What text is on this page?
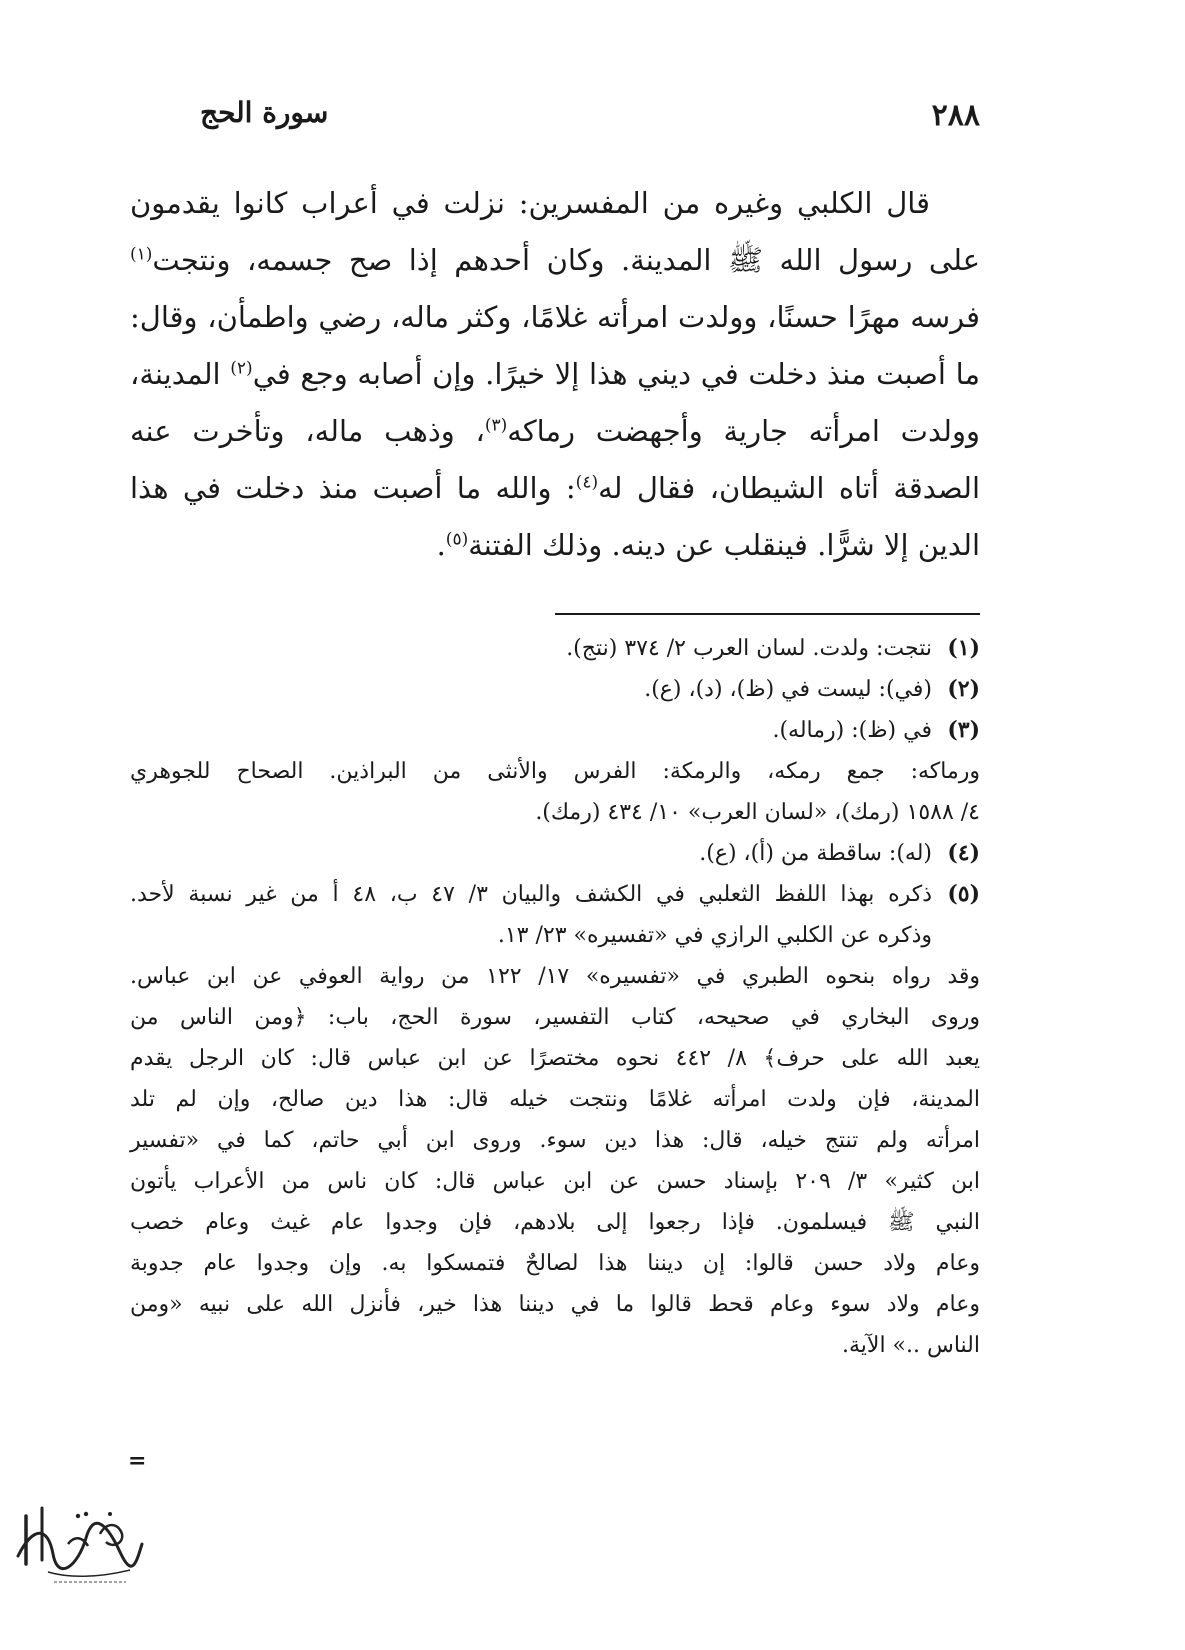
٢٨٨
سورة الحج

قال الكلبي وغيره من المفسرين: نزلت في أعراب كانوا يقدمون على رسول الله ﷺ المدينة. وكان أحدهم إذا صح جسمه، ونتجت$^{(١)}$ فرسه مهرًا حسنًا، وولدت امرأته غلامًا، وكثر ماله، رضي واطمأن، وقال: ما أصبت منذ دخلت في ديني هذا إلا خيرًا. وإن أصابه وجع في$^{(٢)}$ المدينة، وولدت امرأته جارية وأجهضت رماكه$^{(٣)}$، وذهب ماله، وتأخرت عنه الصدقة أتاه الشيطان، فقال له$^{(٤)}$: والله ما أصبت منذ دخلت في هذا الدين إلا شرًّا. فينقلب عن دينه. وذلك الفتنة$^{(٥)}$.

(١)
نتجت: ولدت. لسان العرب ٢/ ٣٧٤ (نتج).
(٢)
(في): ليست في (ظ)، (د)، (ع).
(٣)
في (ظ): (رماله).
ورماكه: جمع رمكه، والرمكة: الفرس والأنثى من البراذين. الصحاح للجوهري
٤/ ١٥٨٨ (رمك)، «لسان العرب» ١٠/ ٤٣٤ (رمك).
(٤)
(له): ساقطة من (أ)، (ع).
(٥)
ذكره بهذا اللفظ الثعلبي في الكشف والبيان ٣/ ٤٧ ب، ٤٨ أ من غير نسبة لأحد.
وذكره عن الكلبي الرازي في «تفسيره» ٢٣/ ١٣.
وقد رواه بنحوه الطبري في «تفسيره» ١٧/ ١٢٢ من رواية العوفي عن ابن عباس.
وروى البخاري في صحيحه، كتاب التفسير، سورة الحج، باب: ﴿ومن الناس من
يعبد الله على حرف﴾ ٨/ ٤٤٢ نحوه مختصرًا عن ابن عباس قال: كان الرجل يقدم
المدينة، فإن ولدت امرأته غلامًا ونتجت خيله قال: هذا دين صالح، وإن لم تلد
امرأته ولم تنتج خيله، قال: هذا دين سوء. وروى ابن أبي حاتم، كما في «تفسير
ابن كثير» ٣/ ٢٠٩ بإسناد حسن عن ابن عباس قال: كان ناس من الأعراب يأتون
النبي ﷺ فيسلمون. فإذا رجعوا إلى بلادهم، فإن وجدوا عام غيث وعام خصب
وعام ولاد حسن قالوا: إن ديننا هذا لصالحٌ فتمسكوا به. وإن وجدوا عام جدوبة
وعام ولاد سوء وعام قحط قالوا ما في ديننا هذا خير، فأنزل الله على نبيه «ومن
الناس ..» الآية.
=
